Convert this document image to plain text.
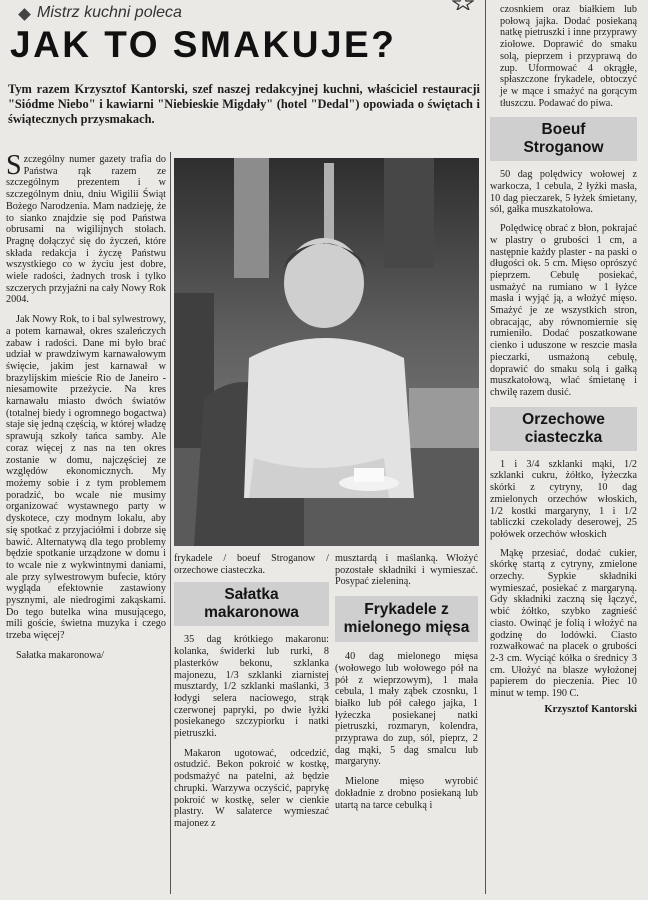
Mistrz kuchni poleca
JAK TO SMAKUJE?
Tym razem Krzysztof Kantorski, szef naszej redakcyjnej kuchni, właściciel restauracji "Siódme Niebo" i kawiarni "Niebieskie Migdały" (hotel "Dedal") opowiada o świętach i świątecznych przysmakach.

Szczególny numer gazety trafia do Państwa rąk razem ze szczególnym prezentem i w szczególnym dniu, dniu Wigilii Świąt Bożego Narodzenia. Mam nadzieję, że to sianko znajdzie się pod Państwa obrusami na wigilijnych stołach. Pragnę dołączyć się do życzeń, które składa redakcja i życzę Państwu wszystkiego co w życiu jest dobre, wiele radości, żadnych trosk i tylko szczerych przyjaźni na cały Nowy Rok 2004.

Jak Nowy Rok, to i bal sylwestrowy, a potem karnawał, okres szaleńczych zabaw i radości. Dane mi było brać udział w prawdziwym karnawałowym święcie, jakim jest karnawał w brazylijskim mieście Rio de Janeiro - niesamowite przeżycie. Na kres karnawału miasto dwóch światów (totalnej biedy i ogromnego bogactwa) staje się jedną częścią, w której władzę sprawują szkoły tańca samby. Ale coraz więcej z nas na ten okres zostanie w domu, najczęściej ze względów ekonomicznych. My możemy sobie i z tym problemem poradzić, bo wcale nie musimy organizować wystawnego party w dyskotece, czy modnym lokalu, aby się spotkać z przyjaciółmi i dobrze się bawić. Alternatywą dla tego problemy będzie spotkanie urządzone w domu i to wcale nie z wykwintnymi daniami, ale przy sylwestrowym bufecie, który wygląda efektownie zastawiony pysznymi, ale niedrogimi zakąskami. Do tego butelka wina musującego, mili goście, świetna muzyka i czego trzeba więcej?

Sałatka makaronowa/

frykadele / boeuf Stroganow / orzechowe ciasteczka.

Sałatka makaronowa

35 dag krótkiego makaronu: kolanka, świderki lub rurki, 8 plasterków bekonu, szklanka majonezu, 1/3 szklanki ziarnistej musztardy, 1/2 szklanki maślanki, 3 łodygi selera naciowego, strąk czerwonej papryki, po dwie łyżki posiekanego szczypiorku i natki pietruszki.

Makaron ugotować, odcedzić, ostudzić. Bekon pokroić w kostkę, podsmażyć na patelni, aż będzie chrupki. Warzywa oczyścić, paprykę pokroić w kostkę, seler w cienkie plastry. W salaterce wymieszać majonez z

musztardą i maślanką. Włożyć pozostałe składniki i wymieszać. Posypać zieleniną.

Frykadele z mielonego mięsa

40 dag mielonego mięsa (wołowego lub wołowego pół na pół z wieprzowym), 1 mała cebula, 1 mały ząbek czosnku, 1 białko lub pół całego jajka, 1 łyżeczka posiekanej natki pietruszki, rozmaryn, kolendra, przyprawa do zup, sól, pieprz, 2 dag mąki, 5 dag smalcu lub margaryny.

Mielone mięso wyrobić dokładnie z drobno posiekaną lub utartą na tarce cebulką i

czosnkiem oraz białkiem lub połową jajka. Dodać posiekaną natkę pietruszki i inne przyprawy ziołowe. Doprawić do smaku solą, pieprzem i przyprawą do zup. Uformować 4 okrągłe, spłaszczone frykadele, obtoczyć je w mące i smażyć na gorącym tłuszczu. Podawać do piwa.

Boeuf Stroganow

50 dag polędwicy wołowej z warkocza, 1 cebula, 2 łyżki masła, 10 dag pieczarek, 5 łyżek śmietany, sól, gałka muszkatołowa.

Polędwicę obrać z błon, pokrajać w plastry o grubości 1 cm, a następnie każdy plaster - na paski o długości ok. 5 cm. Mięso oprószyć pieprzem. Cebulę posiekać, usmażyć na rumiano w 1 łyżce masła i wyjąć ją, a włożyć mięso. Smażyć je ze wszystkich stron, obracając, aby równomiernie się rumieniło. Dodać poszatkowane cienko i uduszone w reszcie masła pieczarki, usmażoną cebulę, doprawić do smaku solą i gałką muszkatołową, wlać śmietanę i chwilę razem dusić.

Orzechowe ciasteczka

1 i 3/4 szklanki mąki, 1/2 szklanki cukru, żółtko, łyżeczka skórki z cytryny, 10 dag zmielonych orzechów włoskich, 1/2 kostki margaryny, 1 i 1/2 tabliczki czekolady deserowej, 25 połówek orzechów włoskich

Mąkę przesiać, dodać cukier, skórkę startą z cytryny, zmielone orzechy. Sypkie składniki wymieszać, posiekać z margaryną. Gdy składniki zaczną się łączyć, wbić żółtko, szybko zagnieść ciasto. Owinąć je folią i włożyć na godzinę do lodówki. Ciasto rozwałkować na placek o grubości 2-3 cm. Wyciąć kółka o średnicy 3 cm. Ułożyć na blasze wyłożonej papierem do pieczenia. Piec 10 minut w temp. 190 C.

Krzysztof Kantorski
